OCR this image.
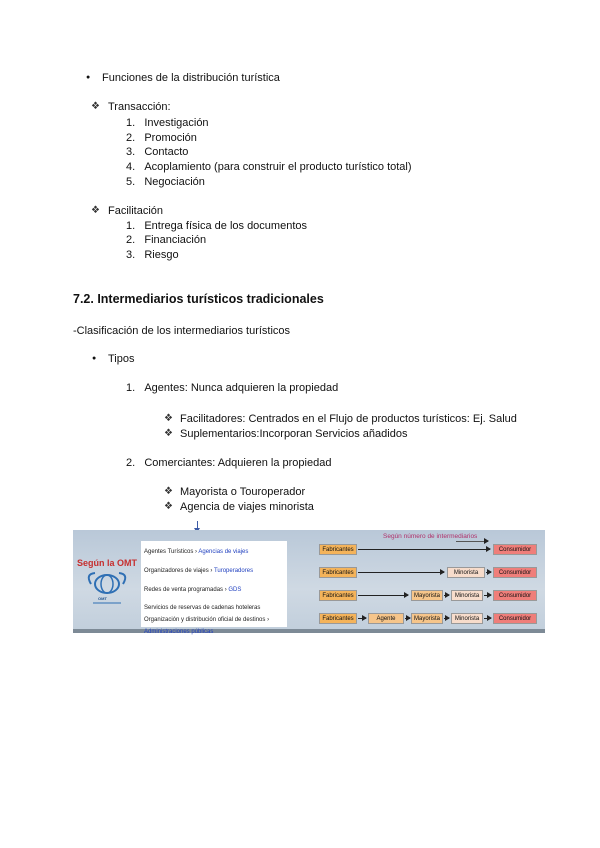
● Funciones de la distribución turística
❖ Transacción:
1.   Investigación
2.   Promoción
3.   Contacto
4.   Acoplamiento (para construir el producto turístico total)
5.   Negociación
❖ Facilitación
1.   Entrega física de los documentos
2.   Financiación
3.   Riesgo
7.2. Intermediarios turísticos tradicionales
-Clasificación de los intermediarios turísticos
● Tipos
1.   Agentes: Nunca adquieren la propiedad
❖ Facilitadores: Centrados en el Flujo de productos turísticos: Ej. Salud
❖ Suplementarios:Incorporan Servicios añadidos
2.   Comerciantes: Adquieren la propiedad
❖ Mayorista o Touroperador
❖ Agencia de viajes minorista
Según la OMT
OMT
Agentes Turísticos › Agencias de viajes
Organizadores de viajes › Turoperadores
Redes de venta programadas › GDS
Servicios de reservas de cadenas hoteleras
Organización y distribución oficial de destinos ›
Administraciones públicas
Según número de intermediarios
Fabricantes	Consumidor
Fabricantes	Minorista	Consumidor
Fabricantes	Mayorista	Minorista	Consumidor
Fabricantes	Agente	Mayorista	Minorista	Consumidor
